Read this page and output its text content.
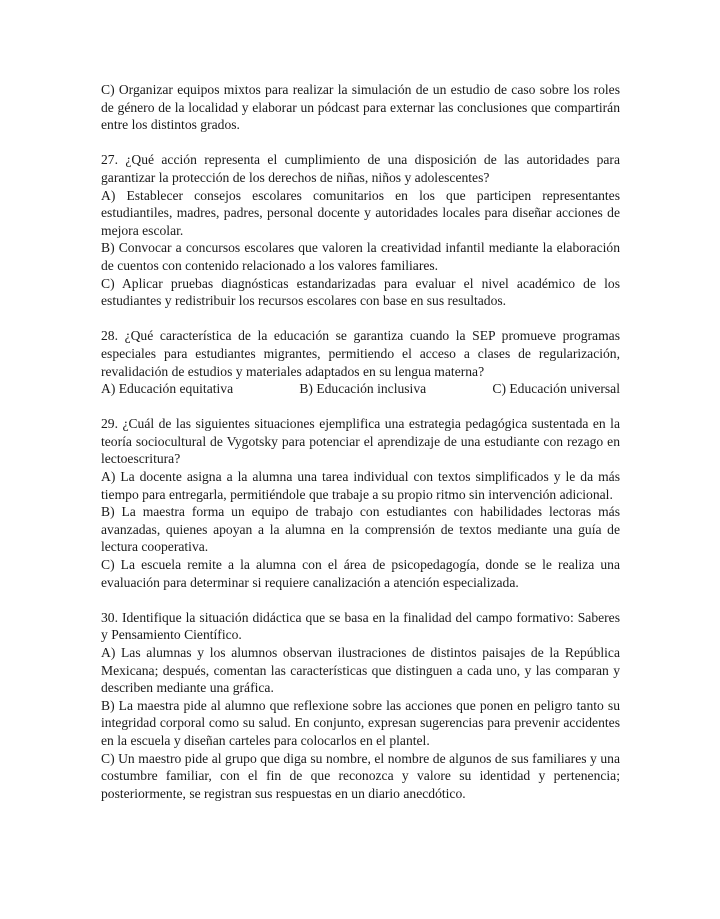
C) Organizar equipos mixtos para realizar la simulación de un estudio de caso sobre los roles de género de la localidad y elaborar un pódcast para externar las conclusiones que compartirán entre los distintos grados.

27. ¿Qué acción representa el cumplimiento de una disposición de las autoridades para garantizar la protección de los derechos de niñas, niños y adolescentes?

A) Establecer consejos escolares comunitarios en los que participen representantes estudiantiles, madres, padres, personal docente y autoridades locales para diseñar acciones de mejora escolar.

B) Convocar a concursos escolares que valoren la creatividad infantil mediante la elaboración de cuentos con contenido relacionado a los valores familiares.

C) Aplicar pruebas diagnósticas estandarizadas para evaluar el nivel académico de los estudiantes y redistribuir los recursos escolares con base en sus resultados.

28. ¿Qué característica de la educación se garantiza cuando la SEP promueve programas especiales para estudiantes migrantes, permitiendo el acceso a clases de regularización, revalidación de estudios y materiales adaptados en su lengua materna?

A) Educación equitativa	B) Educación inclusiva	C) Educación universal

29. ¿Cuál de las siguientes situaciones ejemplifica una estrategia pedagógica sustentada en la teoría sociocultural de Vygotsky para potenciar el aprendizaje de una estudiante con rezago en lectoescritura?

A) La docente asigna a la alumna una tarea individual con textos simplificados y le da más tiempo para entregarla, permitiéndole que trabaje a su propio ritmo sin intervención adicional.

B) La maestra forma un equipo de trabajo con estudiantes con habilidades lectoras más avanzadas, quienes apoyan a la alumna en la comprensión de textos mediante una guía de lectura cooperativa.

C) La escuela remite a la alumna con el área de psicopedagogía, donde se le realiza una evaluación para determinar si requiere canalización a atención especializada.

30. Identifique la situación didáctica que se basa en la finalidad del campo formativo: Saberes y Pensamiento Científico.

A) Las alumnas y los alumnos observan ilustraciones de distintos paisajes de la República Mexicana; después, comentan las características que distinguen a cada uno, y las comparan y describen mediante una gráfica.

B) La maestra pide al alumno que reflexione sobre las acciones que ponen en peligro tanto su integridad corporal como su salud. En conjunto, expresan sugerencias para prevenir accidentes en la escuela y diseñan carteles para colocarlos en el plantel.

C) Un maestro pide al grupo que diga su nombre, el nombre de algunos de sus familiares y una costumbre familiar, con el fin de que reconozca y valore su identidad y pertenencia; posteriormente, se registran sus respuestas en un diario anecdótico.
